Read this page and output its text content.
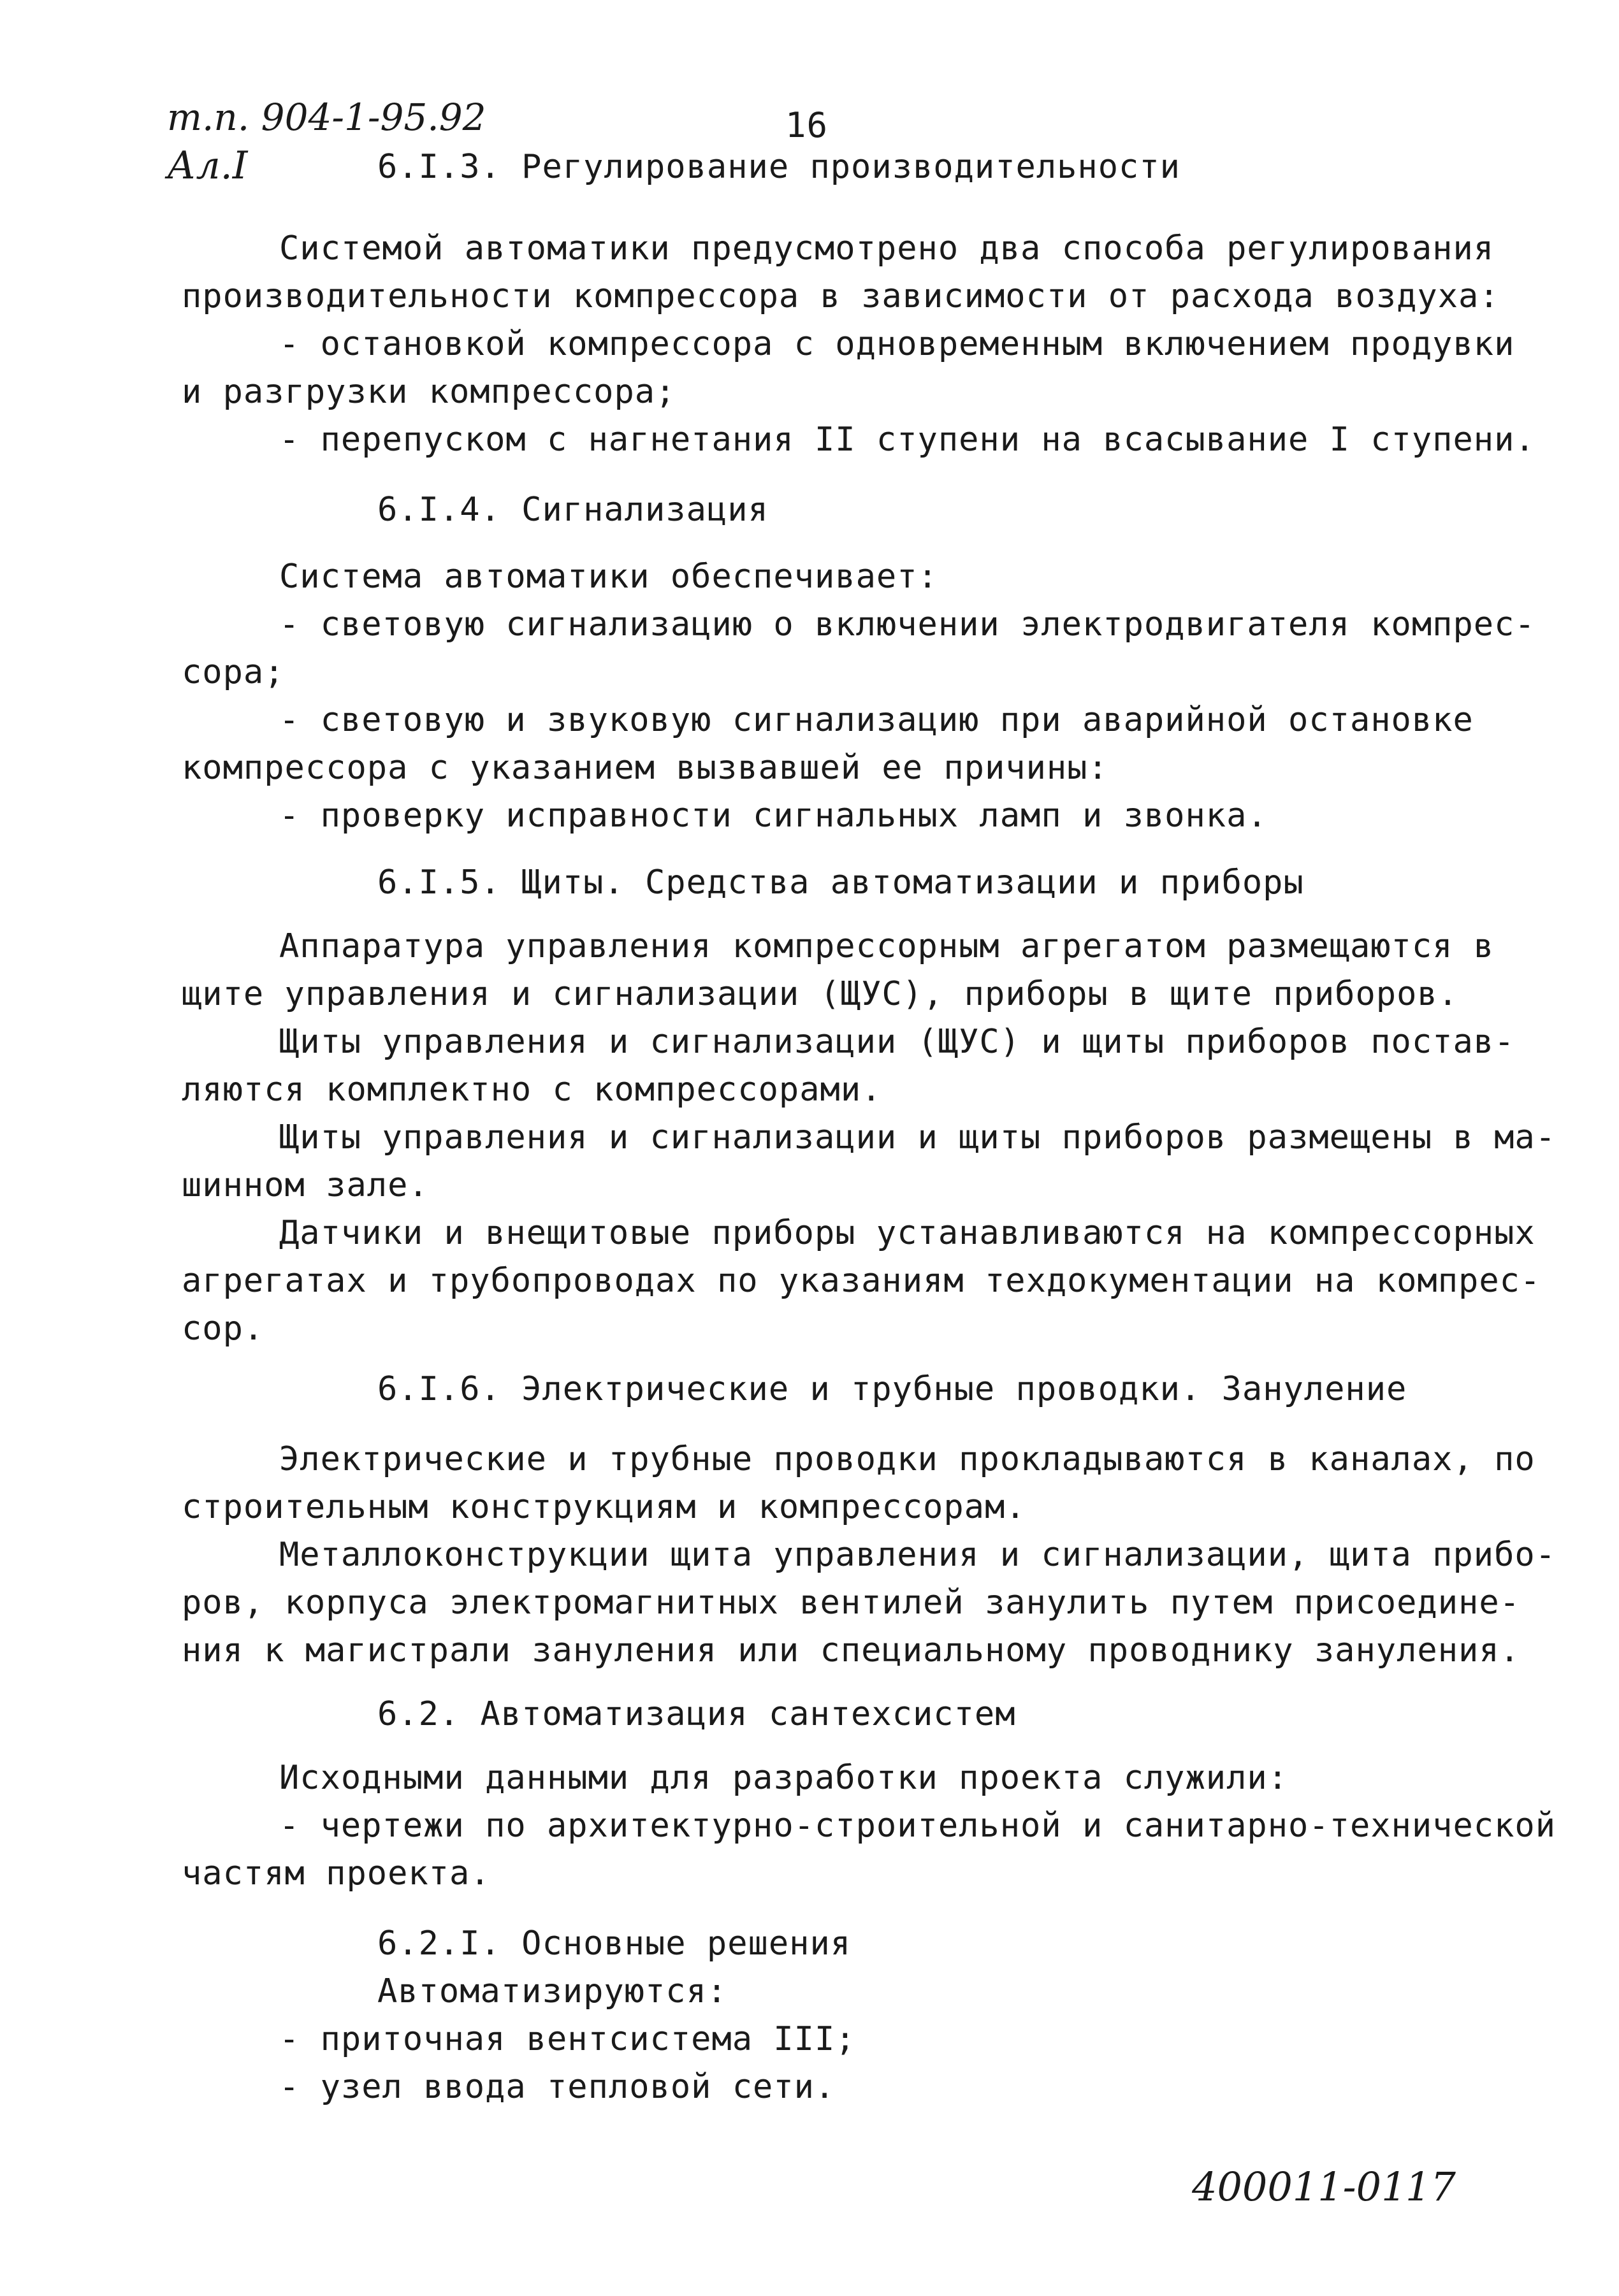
т.п. 904-1-95.92
Ал.I
16
6.I.3. Регулирование производительности
Системой автоматики предусмотрено два способа регулирования
производительности компрессора в зависимости от расхода воздуха:
- остановкой компрессора с одновременным включением продувки
и разгрузки компрессора;
- перепуском с нагнетания II ступени на всасывание I ступени.
6.I.4. Сигнализация
Система автоматики обеспечивает:
- световую сигнализацию о включении электродвигателя компрес-
сора;
- световую и звуковую сигнализацию при аварийной остановке
компрессора с указанием вызвавшей ее причины:
- проверку исправности сигнальных ламп и звонка.
6.I.5. Щиты. Средства автоматизации и приборы
Аппаратура управления компрессорным агрегатом размещаются в
щите управления и сигнализации (ЩУС), приборы в щите приборов.
Щиты управления и сигнализации (ЩУС) и щиты приборов постав-
ляются комплектно с компрессорами.
Щиты управления и сигнализации и щиты приборов размещены в ма-
шинном зале.
Датчики и внещитовые приборы устанавливаются на компрессорных
агрегатах и трубопроводах по указаниям техдокументации на компрес-
сор.
6.I.6. Электрические и трубные проводки. Зануление
Электрические и трубные проводки прокладываются в каналах, по
строительным конструкциям и компрессорам.
Металлоконструкции щита управления и сигнализации, щита прибо-
ров, корпуса электромагнитных вентилей занулить путем присоедине-
ния к магистрали зануления или специальному проводнику зануления.
6.2. Автоматизация сантехсистем
Исходными данными для разработки проекта служили:
- чертежи по архитектурно-строительной и санитарно-технической
частям проекта.
6.2.I. Основные решения
Автоматизируются:
- приточная вентсистема III;
- узел ввода тепловой сети.
400011-01
17
